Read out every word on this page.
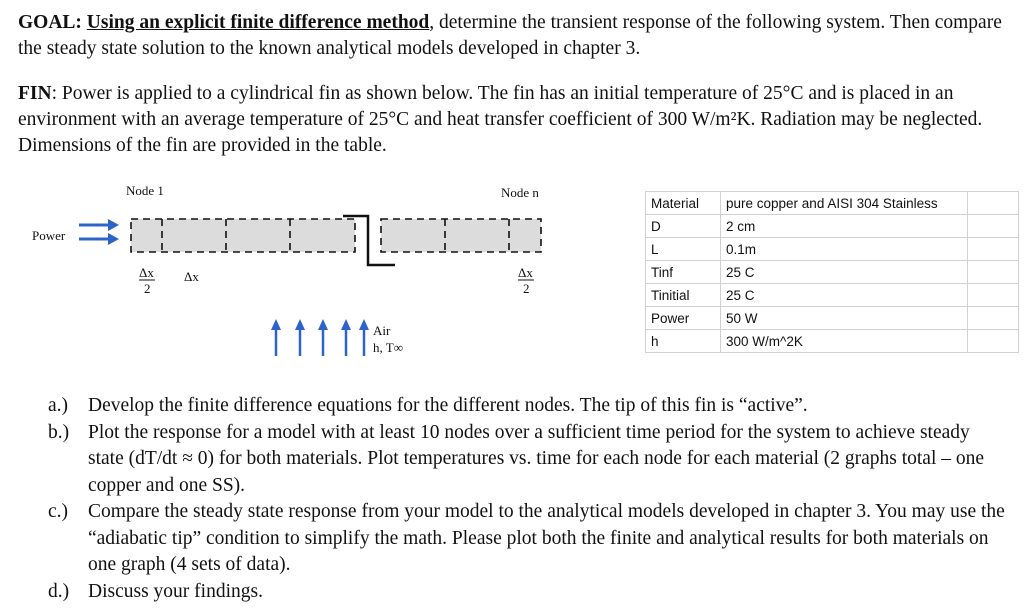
GOAL: Using an explicit finite difference method, determine the transient response of the following system. Then compare the steady state solution to the known analytical models developed in chapter 3.
FIN: Power is applied to a cylindrical fin as shown below. The fin has an initial temperature of 25°C and is placed in an environment with an average temperature of 25°C and heat transfer coefficient of 300 W/m²K. Radiation may be neglected. Dimensions of the fin are provided in the table.
Node 1	Node n
Power
Δx
2
Δx	Δx
2
Air
h, T∞
Material	pure copper and AISI 304 Stainless	
D	2 cm	
L	0.1m	
Tinf	25 C	
Tinitial	25 C	
Power	50 W	
h	300 W/m^2K	
a.) Develop the finite difference equations for the different nodes. The tip of this fin is “active”.
b.) Plot the response for a model with at least 10 nodes over a sufficient time period for the system to achieve steady state (dT/dt ≈ 0) for both materials. Plot temperatures vs. time for each node for each material (2 graphs total – one copper and one SS).
c.) Compare the steady state response from your model to the analytical models developed in chapter 3. You may use the “adiabatic tip” condition to simplify the math. Please plot both the finite and analytical results for both materials on one graph (4 sets of data).
d.) Discuss your findings.
